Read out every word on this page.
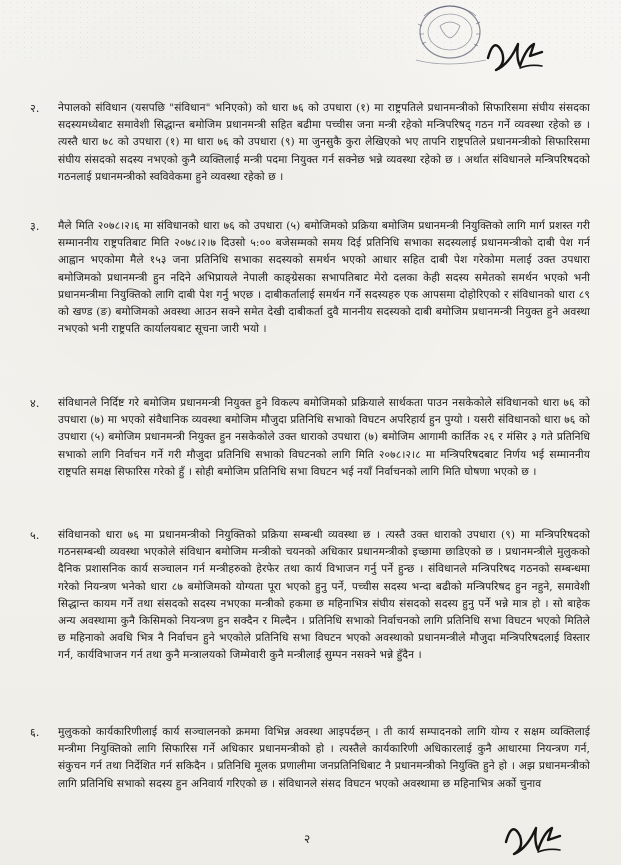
२.	नेपालको संविधान (यसपछि "संविधान" भनिएको) को धारा ७६ को उपधारा (१) मा राष्ट्रपतिले प्रधानमन्त्रीको सिफारिसमा संघीय संसदका सदस्यमध्येबाट समावेशी सिद्धान्त बमोजिम प्रधानमन्त्री सहित बढीमा पच्चीस जना मन्त्री रहेको मन्त्रिपरिषद् गठन गर्ने व्यवस्था रहेको छ । त्यस्तै धारा ७८ को उपधारा (१) मा धारा ७६ को उपधारा (९) मा जुनसुकै कुरा लेखिएको भए तापनि राष्ट्रपतिले प्रधानमन्त्रीको सिफारिसमा संघीय संसदको सदस्य नभएको कुनै व्यक्तिलाई मन्त्री पदमा नियुक्त गर्न सक्नेछ भन्ने व्यवस्था रहेको छ । अर्थात संविधानले मन्त्रिपरिषदको गठनलाई प्रधानमन्त्रीको स्वविवेकमा हुने व्यवस्था रहेको छ ।
३.	मैले मिति २०७८।२।६ मा संविधानको धारा ७६ को उपधारा (५) बमोजिमको प्रक्रिया बमोजिम प्रधानमन्त्री नियुक्तिको लागि मार्ग प्रशस्त गरी सम्माननीय राष्ट्रपतिबाट मिति २०७८।२।७ दिउसो ५:०० बजेसम्मको समय दिई प्रतिनिधि सभाका सदस्यलाई प्रधानमन्त्रीको दाबी पेश गर्न आह्वान भएकोमा मैले १५३ जना प्रतिनिधि सभाका सदस्यको समर्थन भएको आधार सहित दाबी पेश गरेकोमा मलाई उक्त उपधारा बमोजिमको प्रधानमन्त्री हुन नदिने अभिप्रायले नेपाली काङ्ग्रेसका सभापतिबाट मेरो दलका केही सदस्य समेतको समर्थन भएको भनी प्रधानमन्त्रीमा नियुक्तिको लागि दाबी पेश गर्नु भएछ । दाबीकर्तालाई समर्थन गर्ने सदस्यहरु एक आपसमा दोहोरिएको र संविधानको धारा ८९ को खण्ड (ङ) बमोजिमको अवस्था आउन सक्ने समेत देखी दाबीकर्ता दुवै माननीय सदस्यको दाबी बमोजिम प्रधानमन्त्री नियुक्त हुने अवस्था नभएको भनी राष्ट्रपति कार्यालयबाट सूचना जारी भयो ।
४.	संविधानले निर्दिष्ट गरे बमोजिम प्रधानमन्त्री नियुक्त हुने विकल्प बमोजिमको प्रक्रियाले सार्थकता पाउन नसकेकोले संविधानको धारा ७६ को उपधारा (७) मा भएको संवैधानिक व्यवस्था बमोजिम मौजुदा प्रतिनिधि सभाको विघटन अपरिहार्य हुन पुग्यो । यसरी संविधानको धारा ७६ को उपधारा (५) बमोजिम प्रधानमन्त्री नियुक्त हुन नसकेकोले उक्त धाराको उपधारा (७) बमोजिम आगामी कार्तिक २६ र मंसिर ३ गते प्रतिनिधि सभाको लागि निर्वाचन गर्ने गरी मौजुदा प्रतिनिधि सभाको विघटनको लागि मिति २०७८।२।८ मा मन्त्रिपरिषदबाट निर्णय भई सम्माननीय राष्ट्रपति समक्ष सिफारिस गरेको हुँ । सोही बमोजिम प्रतिनिधि सभा विघटन भई नयाँ निर्वाचनको लागि मिति घोषणा भएको छ ।
५.	संविधानको धारा ७६ मा प्रधानमन्त्रीको नियुक्तिको प्रक्रिया सम्बन्धी व्यवस्था छ । त्यस्तै उक्त धाराको उपधारा (९) मा मन्त्रिपरिषदको गठनसम्बन्धी व्यवस्था भएकोले संविधान बमोजिम मन्त्रीको चयनको अधिकार प्रधानमन्त्रीको इच्छामा छाडिएको छ । प्रधानमन्त्रीले मुलुकको दैनिक प्रशासनिक कार्य सञ्चालन गर्न मन्त्रीहरुको हेरफेर तथा कार्य विभाजन गर्नु पर्ने हुन्छ । संविधानले मन्त्रिपरिषद गठनको सम्बन्धमा गरेको नियन्त्रण भनेको धारा ८७ बमोजिमको योग्यता पूरा भएको हुनु पर्ने, पच्चीस सदस्य भन्दा बढीको मन्त्रिपरिषद हुन नहुने, समावेशी सिद्धान्त कायम गर्ने तथा संसदको सदस्य नभएका मन्त्रीको हकमा छ महिनाभित्र संघीय संसदको सदस्य हुनु पर्ने भन्ने मात्र हो । सो बाहेक अन्य अवस्थामा कुनै किसिमको नियन्त्रण हुन सक्दैन र मिल्दैन । प्रतिनिधि सभाको निर्वाचनको लागि प्रतिनिधि सभा विघटन भएको मितिले छ महिनाको अवधि भित्र नै निर्वाचन हुने भएकोले प्रतिनिधि सभा विघटन भएको अवस्थाको प्रधानमन्त्रीले मौजुदा मन्त्रिपरिषदलाई विस्तार गर्न, कार्यविभाजन गर्न तथा कुनै मन्त्रालयको जिम्मेवारी कुनै मन्त्रीलाई सुम्पन नसक्ने भन्ने हुँदैन ।
६.	मुलुकको कार्यकारिणीलाई कार्य सञ्चालनको क्रममा विभिन्न अवस्था आइपर्दछन् । ती कार्य सम्पादनको लागि योग्य र सक्षम व्यक्तिलाई मन्त्रीमा नियुक्तिको लागि सिफारिस गर्ने अधिकार प्रधानमन्त्रीको हो । त्यस्तैले कार्यकारिणी अधिकारलाई कुनै आधारमा नियन्त्रण गर्न, संकुचन गर्न तथा निर्देशित गर्न सकिदैन । प्रतिनिधि मूलक प्रणालीमा जनप्रतिनिधिबाट नै प्रधानमन्त्रीको नियुक्ति हुने हो । अझ प्रधानमन्त्रीको लागि प्रतिनिधि सभाको सदस्य हुन अनिवार्य गरिएको छ । संविधानले संसद विघटन भएको अवस्थामा छ महिनाभित्र अर्को चुनाव
२
